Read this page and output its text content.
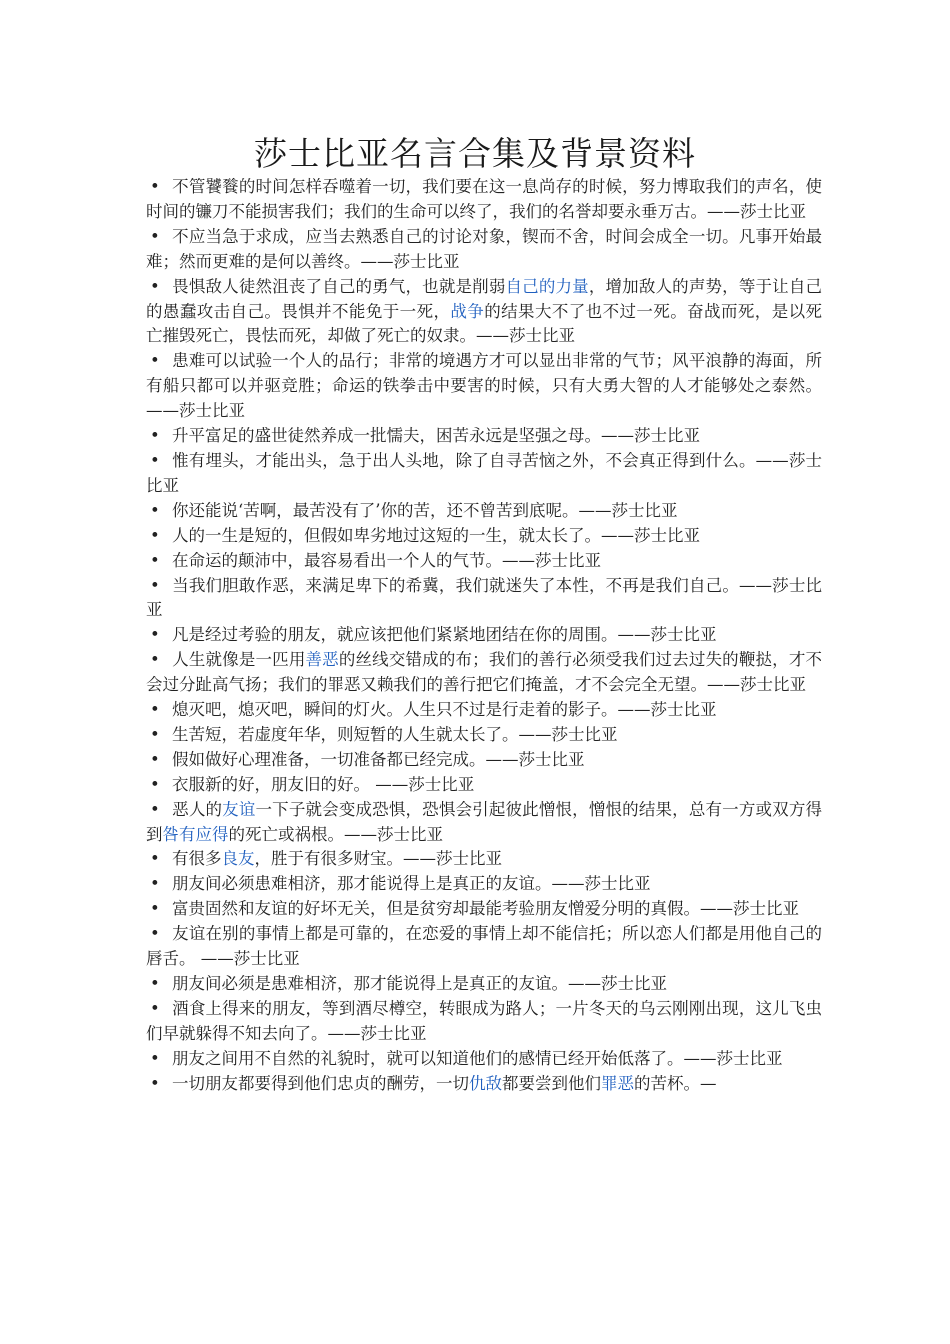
莎士比亚名言合集及背景资料

• 不管饕餮的时间怎样吞噬着一切，我们要在这一息尚存的时候，努力博取我们的声名，使时间的镰刀不能损害我们；我们的生命可以终了，我们的名誉却要永垂万古。——莎士比亚

• 不应当急于求成，应当去熟悉自己的讨论对象，锲而不舍，时间会成全一切。凡事开始最难；然而更难的是何以善终。——莎士比亚

• 畏惧敌人徒然沮丧了自己的勇气，也就是削弱自己的力量，增加敌人的声势，等于让自己的愚蠢攻击自己。畏惧并不能免于一死，战争的结果大不了也不过一死。奋战而死，是以死亡摧毁死亡，畏怯而死，却做了死亡的奴隶。——莎士比亚

• 患难可以试验一个人的品行；非常的境遇方才可以显出非常的气节；风平浪静的海面，所有船只都可以并驱竞胜；命运的铁拳击中要害的时候，只有大勇大智的人才能够处之泰然。——莎士比亚

• 升平富足的盛世徒然养成一批懦夫，困苦永远是坚强之母。——莎士比亚

• 惟有埋头，才能出头，急于出人头地，除了自寻苦恼之外，不会真正得到什么。——莎士比亚

• 你还能说‘苦啊，最苦没有了’你的苦，还不曾苦到底呢。——莎士比亚

• 人的一生是短的，但假如卑劣地过这短的一生，就太长了。——莎士比亚

• 在命运的颠沛中，最容易看出一个人的气节。——莎士比亚

• 当我们胆敢作恶，来满足卑下的希冀，我们就迷失了本性，不再是我们自己。——莎士比亚

• 凡是经过考验的朋友，就应该把他们紧紧地团结在你的周围。——莎士比亚

• 人生就像是一匹用善恶的丝线交错成的布；我们的善行必须受我们过去过失的鞭挞，才不会过分趾高气扬；我们的罪恶又赖我们的善行把它们掩盖，才不会完全无望。——莎士比亚

• 熄灭吧，熄灭吧，瞬间的灯火。人生只不过是行走着的影子。——莎士比亚

• 生苦短，若虚度年华，则短暂的人生就太长了。——莎士比亚

• 假如做好心理准备，一切准备都已经完成。——莎士比亚

• 衣服新的好，朋友旧的好。 ——莎士比亚

• 恶人的友谊一下子就会变成恐惧，恐惧会引起彼此憎恨，憎恨的结果，总有一方或双方得到咎有应得的死亡或祸根。——莎士比亚

• 有很多良友，胜于有很多财宝。——莎士比亚

• 朋友间必须患难相济，那才能说得上是真正的友谊。——莎士比亚

• 富贵固然和友谊的好坏无关，但是贫穷却最能考验朋友憎爱分明的真假。——莎士比亚

• 友谊在别的事情上都是可靠的，在恋爱的事情上却不能信托；所以恋人们都是用他自己的唇舌。 ——莎士比亚

• 朋友间必须是患难相济，那才能说得上是真正的友谊。——莎士比亚

• 酒食上得来的朋友，等到酒尽樽空，转眼成为路人；一片冬天的乌云刚刚出现，这儿飞虫们早就躲得不知去向了。——莎士比亚

• 朋友之间用不自然的礼貌时，就可以知道他们的感情已经开始低落了。——莎士比亚

• 一切朋友都要得到他们忠贞的酬劳，一切仇敌都要尝到他们罪恶的苦杯。—
